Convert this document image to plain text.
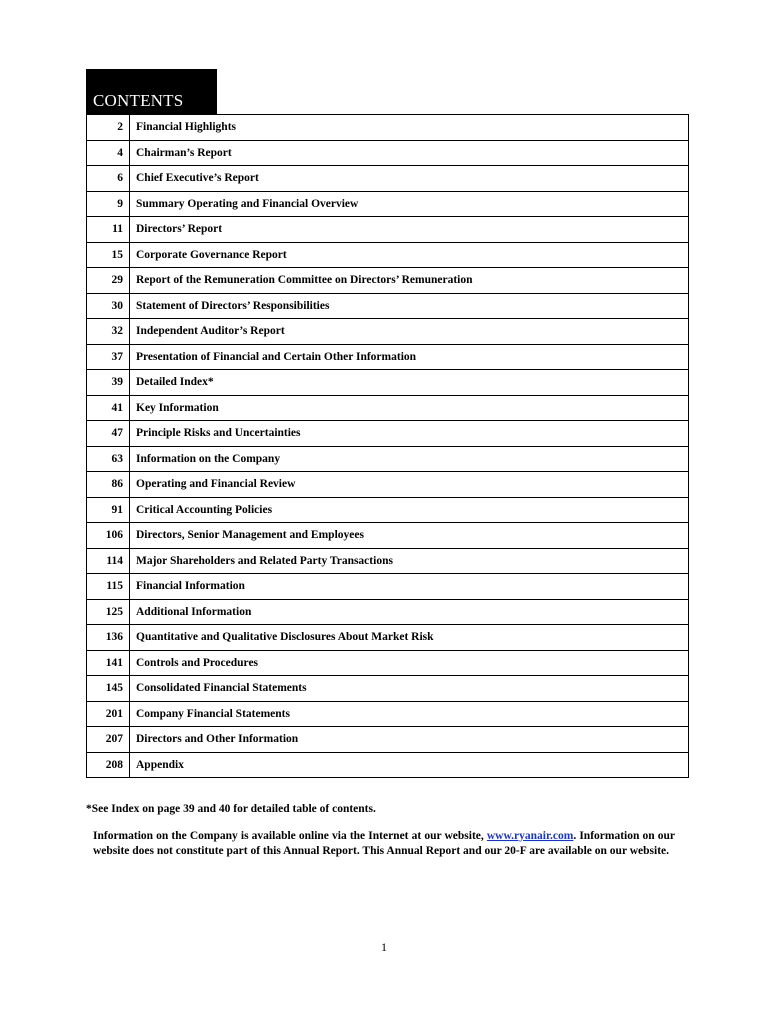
CONTENTS
2	Financial Highlights
4	Chairman’s Report
6	Chief Executive’s Report
9	Summary Operating and Financial Overview
11	Directors’ Report
15	Corporate Governance Report
29	Report of the Remuneration Committee on Directors’ Remuneration
30	Statement of Directors’ Responsibilities
32	Independent Auditor’s Report
37	Presentation of Financial and Certain Other Information
39	Detailed Index*
41	Key Information
47	Principle Risks and Uncertainties
63	Information on the Company
86	Operating and Financial Review
91	Critical Accounting Policies
106	Directors, Senior Management and Employees
114	Major Shareholders and Related Party Transactions
115	Financial Information
125	Additional Information
136	Quantitative and Qualitative Disclosures About Market Risk
141	Controls and Procedures
145	Consolidated Financial Statements
201	Company Financial Statements
207	Directors and Other Information
208	Appendix
*See Index on page 39 and 40 for detailed table of contents.
Information on the Company is available online via the Internet at our website, www.ryanair.com. Information on our website does not constitute part of this Annual Report. This Annual Report and our 20-F are available on our website.
1
